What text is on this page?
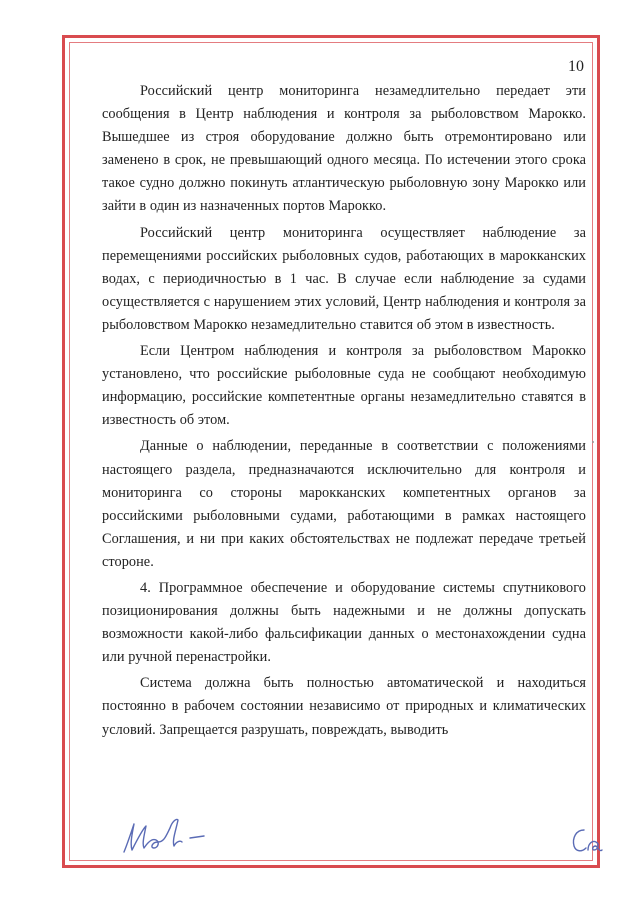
10

Российский центр мониторинга незамедлительно передает эти сообщения в Центр наблюдения и контроля за рыболовством Марокко. Вышедшее из строя оборудование должно быть отремонтировано или заменено в срок, не превышающий одного месяца. По истечении этого срока такое судно должно покинуть атлантическую рыболовную зону Марокко или зайти в один из назначенных портов Марокко.

Российский центр мониторинга осуществляет наблюдение за перемещениями российских рыболовных судов, работающих в марокканских водах, с периодичностью в 1 час. В случае если наблюдение за судами осуществляется с нарушением этих условий, Центр наблюдения и контроля за рыболовством Марокко незамедлительно ставится об этом в известность.

Если Центром наблюдения и контроля за рыболовством Марокко установлено, что российские рыболовные суда не сообщают необходимую информацию, российские компетентные органы незамедлительно ставятся в известность об этом.

Данные о наблюдении, переданные в соответствии с положениями настоящего раздела, предназначаются исключительно для контроля и мониторинга со стороны марокканских компетентных органов за российскими рыболовными судами, работающими в рамках настоящего Соглашения, и ни при каких обстоятельствах не подлежат передаче третьей стороне.

4. Программное обеспечение и оборудование системы спутникового позиционирования должны быть надежными и не должны допускать возможности какой-либо фальсификации данных о местонахождении судна или ручной перенастройки.

Система должна быть полностью автоматической и находиться постоянно в рабочем состоянии независимо от природных и климатических условий. Запрещается разрушать, повреждать, выводить
